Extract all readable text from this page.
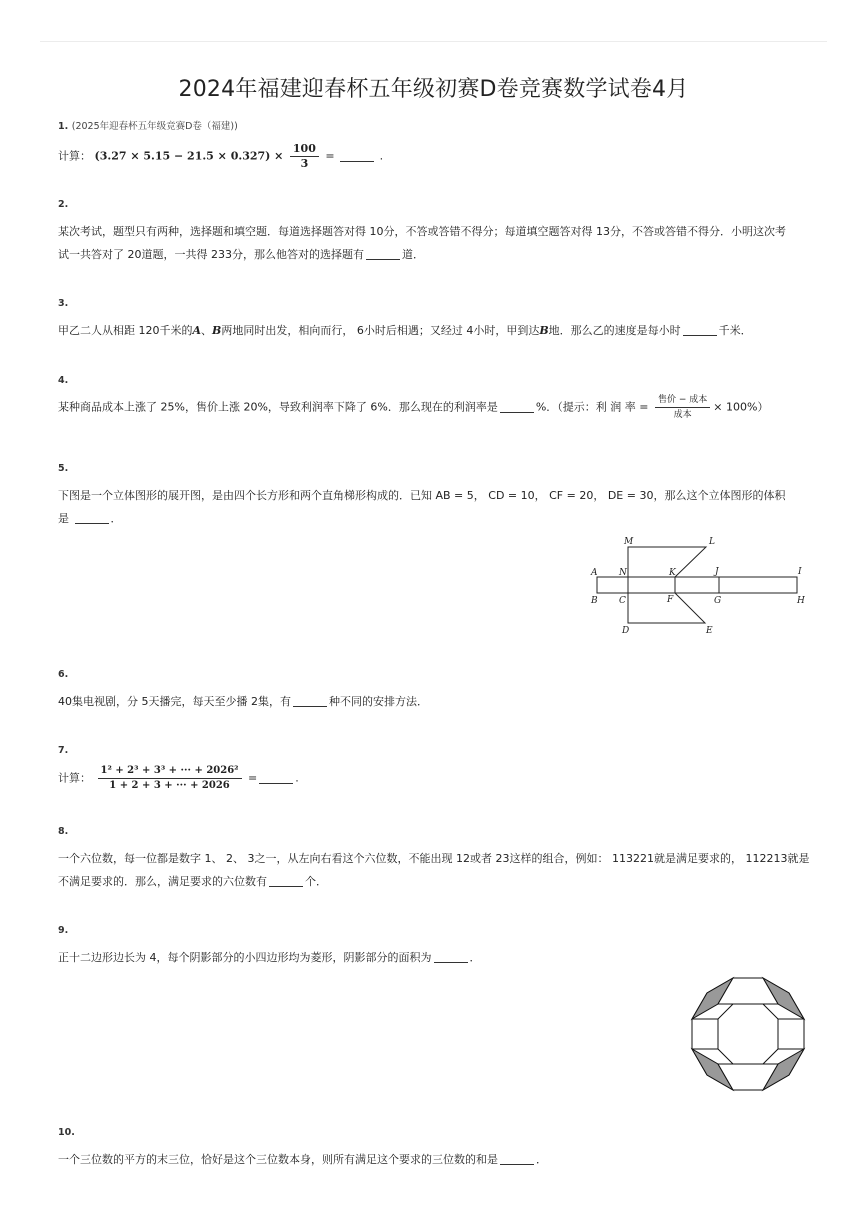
2024年福建迎春杯五年级初赛D卷竞赛数学试卷4月
1. (2025年迎春杯五年级竞赛D卷（福建))
计算： $(3.27 \times 5.15 - 21.5 \times 0.327) \times \frac{100}{3}$ =	.
2.
某次考试，题型只有两种，选择题和填空题．每道选择题答对得 10分，不答或答错不得分；每道填空题答对得 13分，不答或答错不得分．小明这次考
试一共答对了 20道题，一共得 233分，那么他答对的选择题有	道．
3.
甲乙二人从相距 120千米的A、B两地同时出发，相向而行， 6小时后相遇；又经过 4小时，甲到达B地．那么乙的速度是每小时	千米．
4.
某种商品成本上涨了 25%，售价上涨 20%，导致利润率下降了 6%．那么现在的利润率是	%．（提示：利 润 率 = $\frac{\text{售价 − 成本}}{\text{成本}} \times 100\%$）
5.
下图是一个立体图形的展开图，是由四个长方形和两个直角梯形构成的．已知 AB = 5， CD = 10， CF = 20， DE = 30，那么这个立体图形的体积
是	．
M	L
A N	K	J	I
B C	F	G	H
D	E
6.
40集电视剧，分 5天播完，每天至少播 2集，有	种不同的安排方法．
7.
计算： $\frac{\text{1² + 2³ + 3³ + ··· + 2026²}}{1 + 2 + 3 + \cdot\cdot\cdot + 2026}$ =	.
8.
一个六位数，每一位都是数字 1、 2、 3之一，从左向右看这个六位数，不能出现 12或者 23这样的组合，例如： 113221就是满足要求的， 112213就是
不满足要求的．那么，满足要求的六位数有	个．
9.
正十二边形边长为 4，每个阴影部分的小四边形均为菱形，阴影部分的面积为	．
10.
一个三位数的平方的末三位，恰好是这个三位数本身，则所有满足这个要求的三位数的和是	．
